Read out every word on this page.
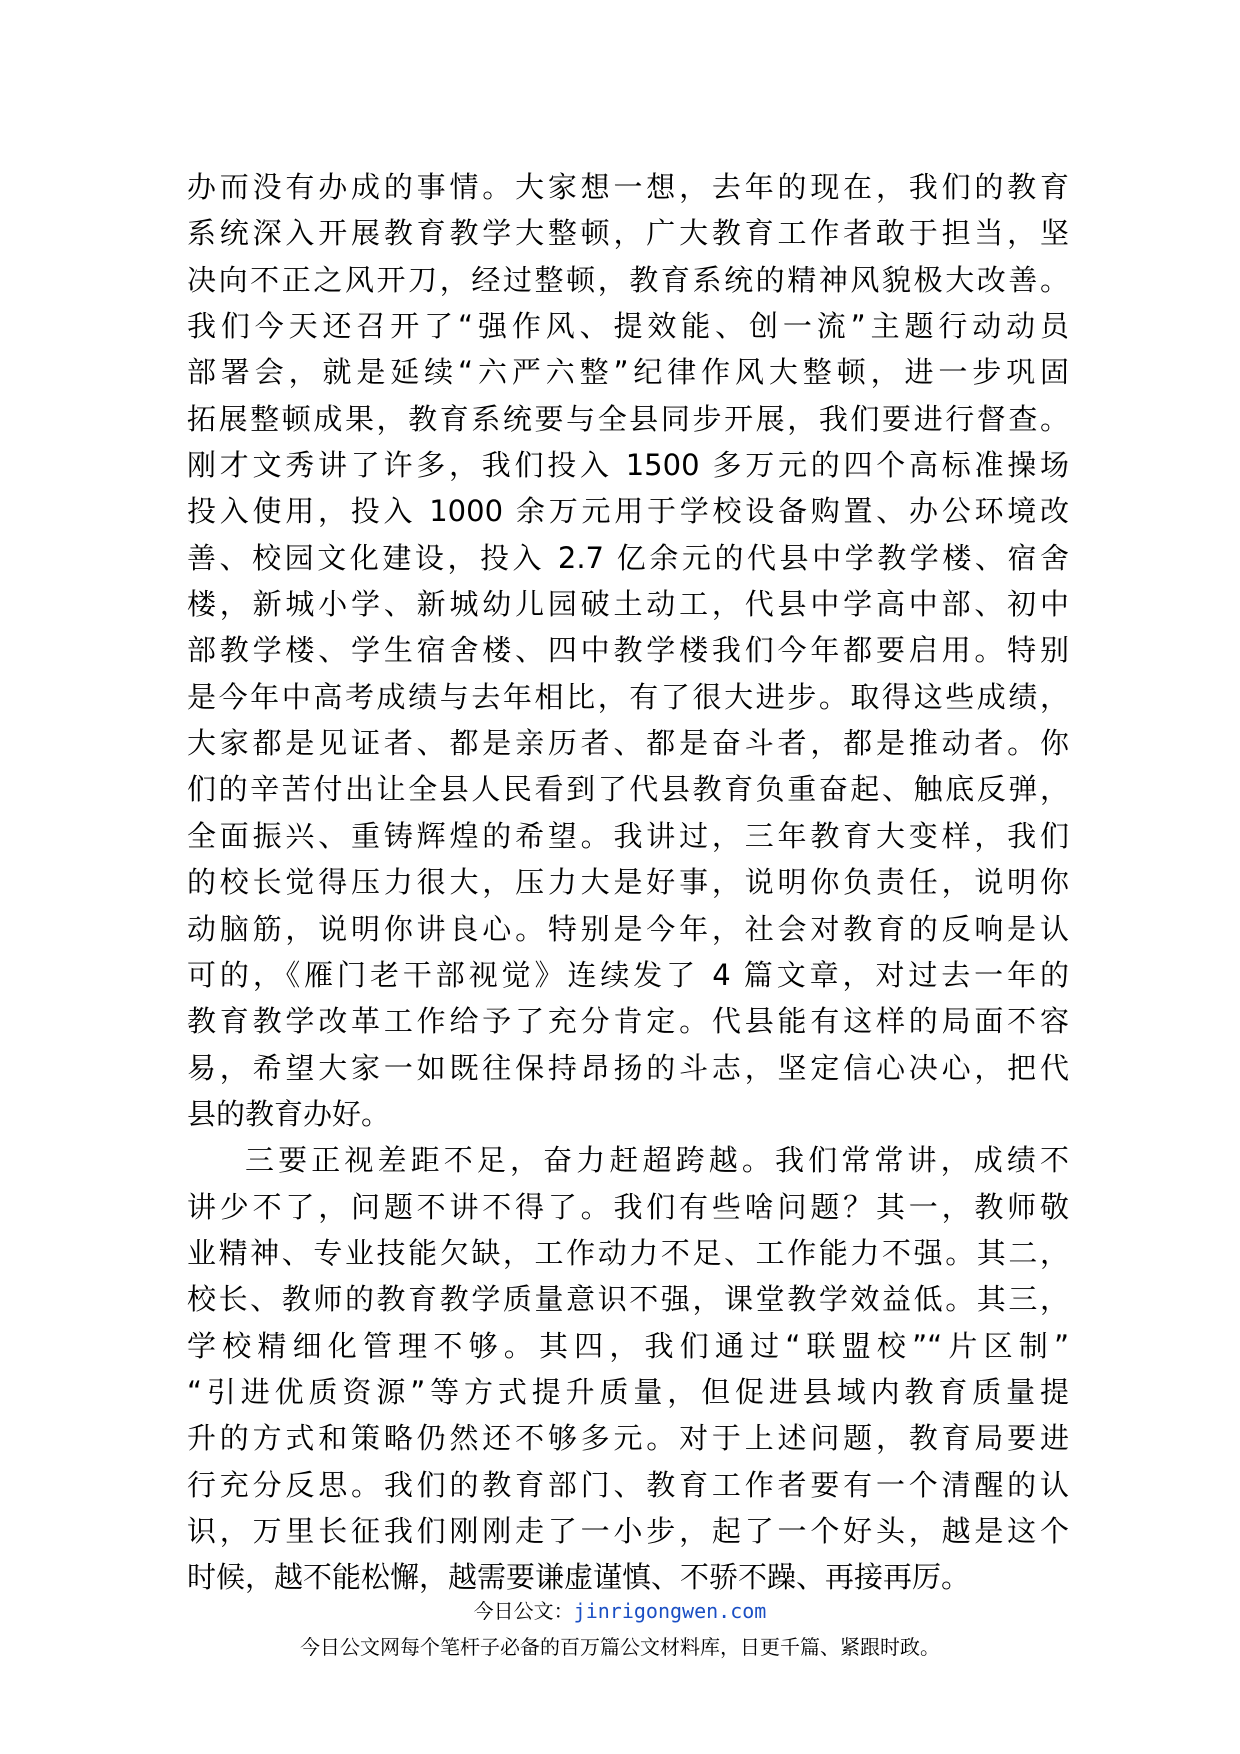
办而没有办成的事情。大家想一想，去年的现在，我们的教育
系统深入开展教育教学大整顿，广大教育工作者敢于担当，坚
决向不正之风开刀，经过整顿，教育系统的精神风貌极大改善。
我们今天还召开了“强作风、提效能、创一流”主题行动动员
部署会，就是延续“六严六整”纪律作风大整顿，进一步巩固
拓展整顿成果，教育系统要与全县同步开展，我们要进行督查。
刚才文秀讲了许多，我们投入 1500 多万元的四个高标准操场
投入使用，投入 1000 余万元用于学校设备购置、办公环境改
善、校园文化建设，投入 2.7 亿余元的代县中学教学楼、宿舍
楼，新城小学、新城幼儿园破土动工，代县中学高中部、初中
部教学楼、学生宿舍楼、四中教学楼我们今年都要启用。特别
是今年中高考成绩与去年相比，有了很大进步。取得这些成绩，
大家都是见证者、都是亲历者、都是奋斗者，都是推动者。你
们的辛苦付出让全县人民看到了代县教育负重奋起、触底反弹，
全面振兴、重铸辉煌的希望。我讲过，三年教育大变样，我们
的校长觉得压力很大，压力大是好事，说明你负责任，说明你
动脑筋，说明你讲良心。特别是今年，社会对教育的反响是认
可的，《雁门老干部视觉》连续发了 4 篇文章，对过去一年的
教育教学改革工作给予了充分肯定。代县能有这样的局面不容
易，希望大家一如既往保持昂扬的斗志，坚定信心决心，把代
县的教育办好。
三要正视差距不足，奋力赶超跨越。我们常常讲，成绩不
讲少不了，问题不讲不得了。我们有些啥问题？其一，教师敬
业精神、专业技能欠缺，工作动力不足、工作能力不强。其二，
校长、教师的教育教学质量意识不强，课堂教学效益低。其三，
学校精细化管理不够。其四，我们通过“联盟校”“片区制”
“引进优质资源”等方式提升质量，但促进县域内教育质量提
升的方式和策略仍然还不够多元。对于上述问题，教育局要进
行充分反思。我们的教育部门、教育工作者要有一个清醒的认
识，万里长征我们刚刚走了一小步，起了一个好头，越是这个
时候，越不能松懈，越需要谦虚谨慎、不骄不躁、再接再厉。
今日公文：jinrigongwen.com
今日公文网每个笔杆子必备的百万篇公文材料库，日更千篇、紧跟时政。
